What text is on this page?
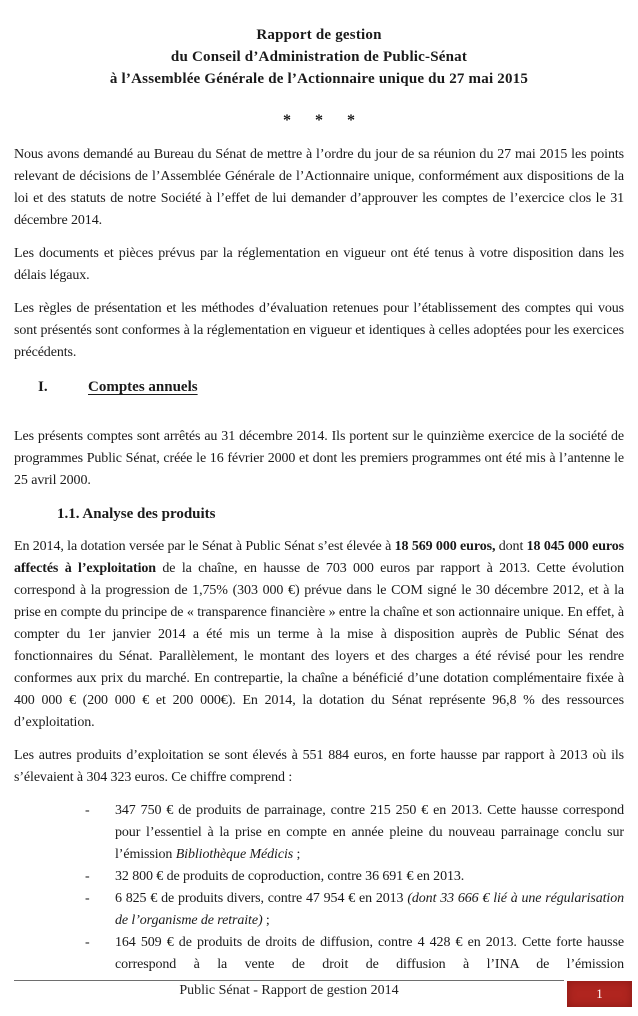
Rapport de gestion
du Conseil d’Administration de Public-Sénat
à l’Assemblée Générale de l’Actionnaire unique du 27 mai 2015
* * *

Nous avons demandé au Bureau du Sénat de mettre à l’ordre du jour de sa réunion du 27 mai 2015 les points relevant de décisions de l’Assemblée Générale de l’Actionnaire unique, conformément aux dispositions de la loi et des statuts de notre Société à l’effet de lui demander d’approuver les comptes de l’exercice clos le 31 décembre 2014.

Les documents et pièces prévus par la réglementation en vigueur ont été tenus à votre disposition dans les délais légaux.

Les règles de présentation et les méthodes d’évaluation retenues pour l’établissement des comptes qui vous sont présentés sont conformes à la réglementation en vigueur et identiques à celles adoptées pour les exercices précédents.

I.	Comptes annuels

Les présents comptes sont arrêtés au 31 décembre 2014. Ils portent sur le quinzième exercice de la société de programmes Public Sénat, créée le 16 février 2000 et dont les premiers programmes ont été mis à l’antenne le 25 avril 2000.

1.1. Analyse des produits

En 2014, la dotation versée par le Sénat à Public Sénat s’est élevée à 18 569 000 euros, dont 18 045 000 euros affectés à l’exploitation de la chaîne, en hausse de 703 000 euros par rapport à 2013. Cette évolution correspond à la progression de 1,75% (303 000 €) prévue dans le COM signé le 30 décembre 2012, et à la prise en compte du principe de « transparence financière » entre la chaîne et son actionnaire unique. En effet, à compter du 1er janvier 2014 a été mis un terme à la mise à disposition auprès de Public Sénat des fonctionnaires du Sénat. Parallèlement, le montant des loyers et des charges a été révisé pour les rendre conformes aux prix du marché. En contrepartie, la chaîne a bénéficié d’une dotation complémentaire fixée à 400 000 € (200 000 € et 200 000€). En 2014, la dotation du Sénat représente 96,8 % des ressources d’exploitation.

Les autres produits d’exploitation se sont élevés à 551 884 euros, en forte hausse par rapport à 2013 où ils s’élevaient à 304 323 euros. Ce chiffre comprend :

- 347 750 € de produits de parrainage, contre 215 250 € en 2013. Cette hausse correspond pour l’essentiel à la prise en compte en année pleine du nouveau parrainage conclu sur l’émission Bibliothèque Médicis ;
- 32 800 € de produits de coproduction, contre 36 691 € en 2013.
- 6 825 € de produits divers, contre 47 954 € en 2013 (dont 33 666 € lié à une régularisation de l’organisme de retraite) ;
- 164 509 € de produits de droits de diffusion, contre 4 428 € en 2013. Cette forte hausse correspond à la vente de droit de diffusion à l’INA de l’émission
Public Sénat - Rapport de gestion 2014	1
